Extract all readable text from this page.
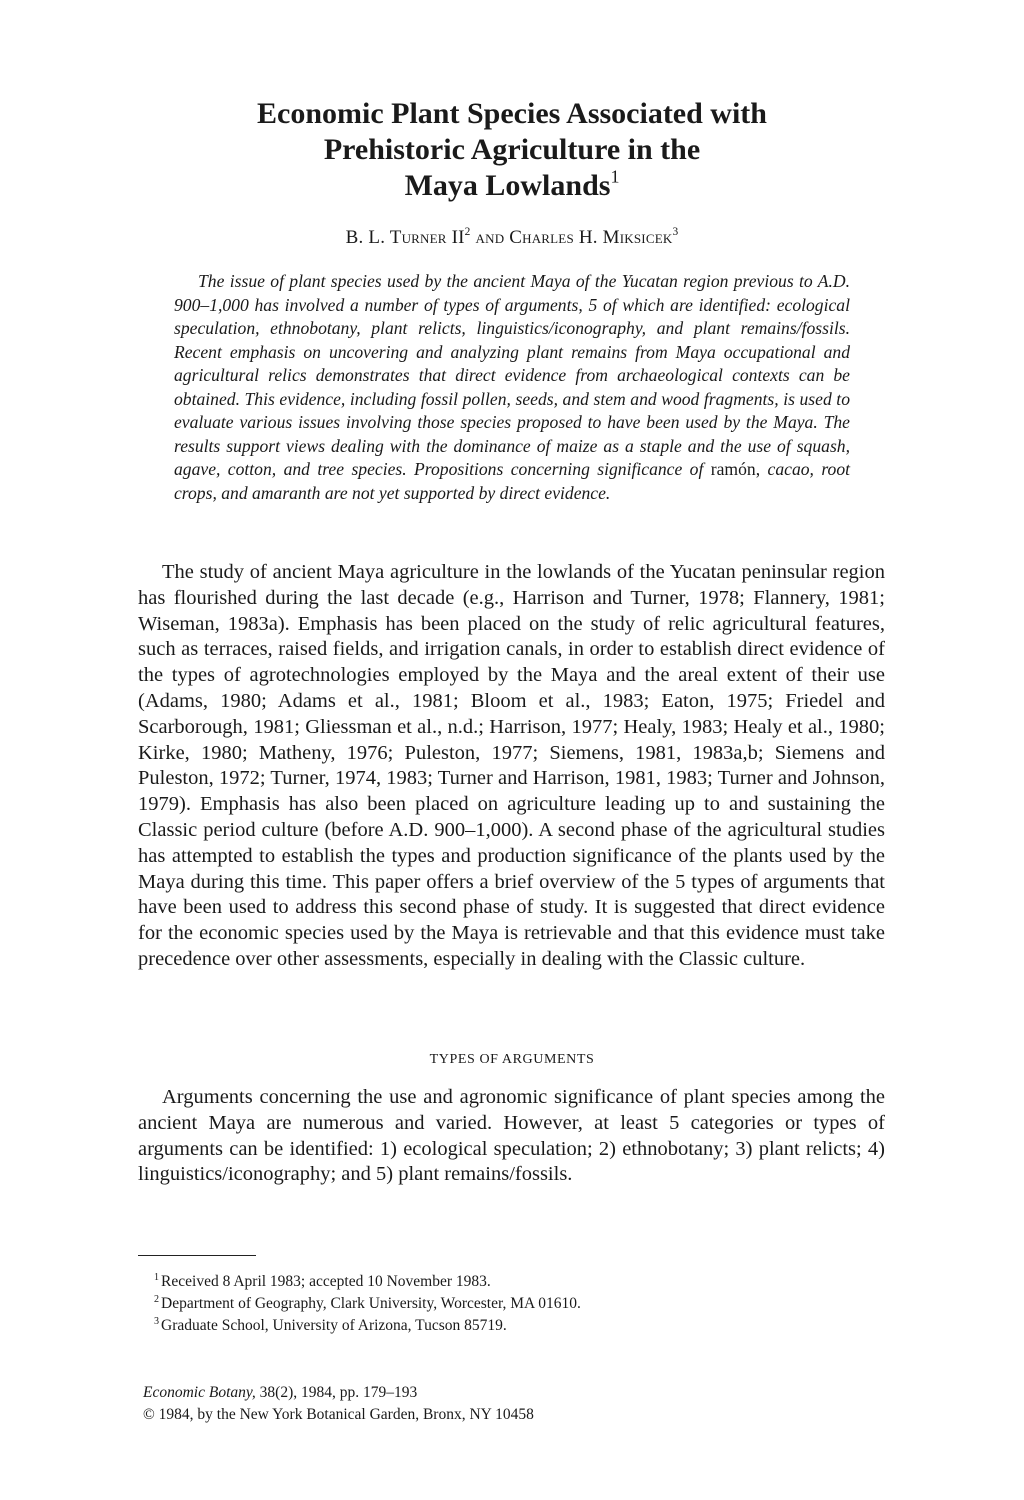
Economic Plant Species Associated with
Prehistoric Agriculture in the
Maya Lowlands$^1$
B. L. Turner $II^2$ and Charles H. Miksicek$^3$

The issue of plant species used by the ancient Maya of the Yucatan region previous to A.D. 900–1,000 has involved a number of types of arguments, 5 of which are identified: ecological speculation, ethnobotany, plant relicts, linguistics/iconography, and plant remains/fossils. Recent emphasis on uncovering and analyzing plant remains from Maya occupational and agricultural relics demonstrates that direct evidence from archaeological contexts can be obtained. This evidence, including fossil pollen, seeds, and stem and wood fragments, is used to evaluate various issues involving those species proposed to have been used by the Maya. The results support views dealing with the dominance of maize as a staple and the use of squash, agave, cotton, and tree species. Propositions concerning significance of ramón, cacao, root crops, and amaranth are not yet supported by direct evidence.

The study of ancient Maya agriculture in the lowlands of the Yucatan peninsular region has flourished during the last decade (e.g., Harrison and Turner, 1978; Flannery, 1981; Wiseman, 1983a). Emphasis has been placed on the study of relic agricultural features, such as terraces, raised fields, and irrigation canals, in order to establish direct evidence of the types of agrotechnologies employed by the Maya and the areal extent of their use (Adams, 1980; Adams et al., 1981; Bloom et al., 1983; Eaton, 1975; Friedel and Scarborough, 1981; Gliessman et al., n.d.; Harrison, 1977; Healy, 1983; Healy et al., 1980; Kirke, 1980; Matheny, 1976; Puleston, 1977; Siemens, 1981, 1983a,b; Siemens and Puleston, 1972; Turner, 1974, 1983; Turner and Harrison, 1981, 1983; Turner and Johnson, 1979). Emphasis has also been placed on agriculture leading up to and sustaining the Classic period culture (before A.D. 900–1,000). A second phase of the agricultural studies has attempted to establish the types and production significance of the plants used by the Maya during this time. This paper offers a brief overview of the 5 types of arguments that have been used to address this second phase of study. It is suggested that direct evidence for the economic species used by the Maya is retrievable and that this evidence must take precedence over other assessments, especially in dealing with the Classic culture.

TYPES OF ARGUMENTS

Arguments concerning the use and agronomic significance of plant species among the ancient Maya are numerous and varied. However, at least 5 categories or types of arguments can be identified: 1) ecological speculation; 2) ethnobotany; 3) plant relicts; 4) linguistics/iconography; and 5) plant remains/fossils.

$^1$ Received 8 April 1983; accepted 10 November 1983.

$^2$ Department of Geography, Clark University, Worcester, MA 01610.

$^3$ Graduate School, University of Arizona, Tucson 85719.

Economic Botany, 38(2), 1984, pp. 179–193
© 1984, by the New York Botanical Garden, Bronx, NY 10458
